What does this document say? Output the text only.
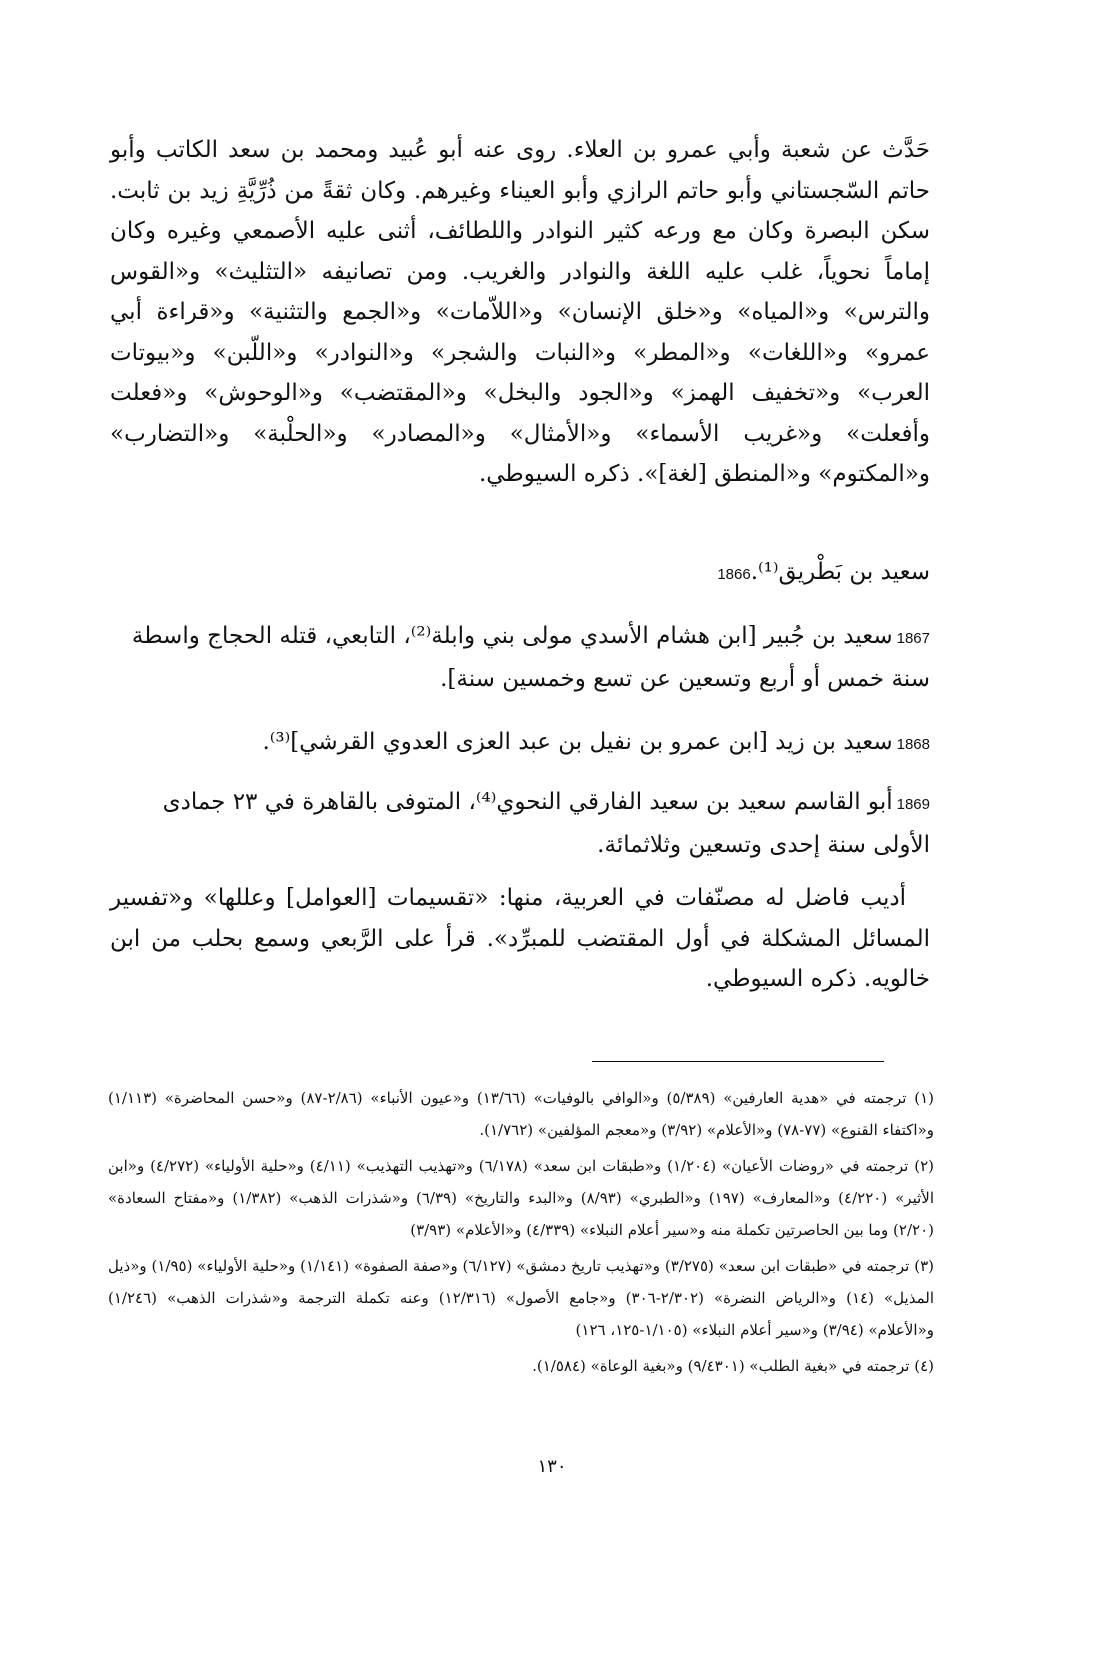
حَدَّث عن شعبة وأبي عمرو بن العلاء. روى عنه أبو عُبيد ومحمد بن سعد الكاتب وأبو حاتم السّجستاني وأبو حاتم الرازي وأبو العيناء وغيرهم. وكان ثقةً من ذُرِّيَّةِ زيد بن ثابت. سكن البصرة وكان مع ورعه كثير النوادر واللطائف، أثنى عليه الأصمعي وغيره وكان إماماً نحوياً، غلب عليه اللغة والنوادر والغريب. ومن تصانيفه «التثليث» و«القوس والترس» و«المياه» و«خلق الإنسان» و«اللاّمات» و«الجمع والتثنية» و«قراءة أبي عمرو» و«اللغات» و«المطر» و«النبات والشجر» و«النوادر» و«اللّبن» و«بيوتات العرب» و«تخفيف الهمز» و«الجود والبخل» و«المقتضب» و«الوحوش» و«فعلت وأفعلت» و«غريب الأسماء» و«الأمثال» و«المصادر» و«الحلْبة» و«التضارب» و«المكتوم» و«المنطق [لغة]». ذكره السيوطي.

سعيد بن بَطْريق⁽¹⁾.1866
1867سعيد بن جُبير [ابن هشام الأسدي مولى بني وابلة⁽²⁾، التابعي، قتله الحجاج واسطة سنة خمس أو أربع وتسعين عن تسع وخمسين سنة].
1868سعيد بن زيد [ابن عمرو بن نفيل بن عبد العزى العدوي القرشي]⁽³⁾.
1869أبو القاسم سعيد بن سعيد الفارقي النحوي⁽⁴⁾، المتوفى بالقاهرة في ٢٣ جمادى الأولى سنة إحدى وتسعين وثلاثمائة.
أديب فاضل له مصنّفات في العربية، منها: «تقسيمات [العوامل] وعللها» و«تفسير المسائل المشكلة في أول المقتضب للمبرِّد». قرأ على الرَّبعي وسمع بحلب من ابن خالويه. ذكره السيوطي.

(١) ترجمته في «هدية العارفين» (٥/٣٨٩) و«الوافي بالوفيات» (١٣/٦٦) و«عيون الأنباء» (٢/٨٦-٨٧) و«حسن المحاضرة» (١/١١٣) و«اكتفاء القنوع» (٧٧-٧٨) و«الأعلام» (٣/٩٢) و«معجم المؤلفين» (١/٧٦٢).

(٢) ترجمته في «روضات الأعيان» (١/٢٠٤) و«طبقات ابن سعد» (٦/١٧٨) و«تهذيب التهذيب» (٤/١١) و«حلية الأولياء» (٤/٢٧٢) و«ابن الأثير» (٤/٢٢٠) و«المعارف» (١٩٧) و«الطبري» (٨/٩٣) و«البدء والتاريخ» (٦/٣٩) و«شذرات الذهب» (١/٣٨٢) و«مفتاح السعادة» (٢/٢٠) وما بين الحاصرتين تكملة منه و«سير أعلام النبلاء» (٤/٣٣٩) و«الأعلام» (٣/٩٣)

(٣) ترجمته في «طبقات ابن سعد» (٣/٢٧٥) و«تهذيب تاريخ دمشق» (٦/١٢٧) و«صفة الصفوة» (١/١٤١) و«حلية الأولياء» (١/٩٥) و«ذيل المذيل» (١٤) و«الرياض النضرة» (٢/٣٠٢-٣٠٦) و«جامع الأصول» (١٢/٣١٦) وعنه تكملة الترجمة و«شذرات الذهب» (١/٢٤٦) و«الأعلام» (٣/٩٤) و«سير أعلام النبلاء» (١/١٠٥-١٢٥، ١٢٦)

(٤) ترجمته في «بغية الطلب» (٩/٤٣٠١) و«بغية الوعاة» (١/٥٨٤).

١٣٠
